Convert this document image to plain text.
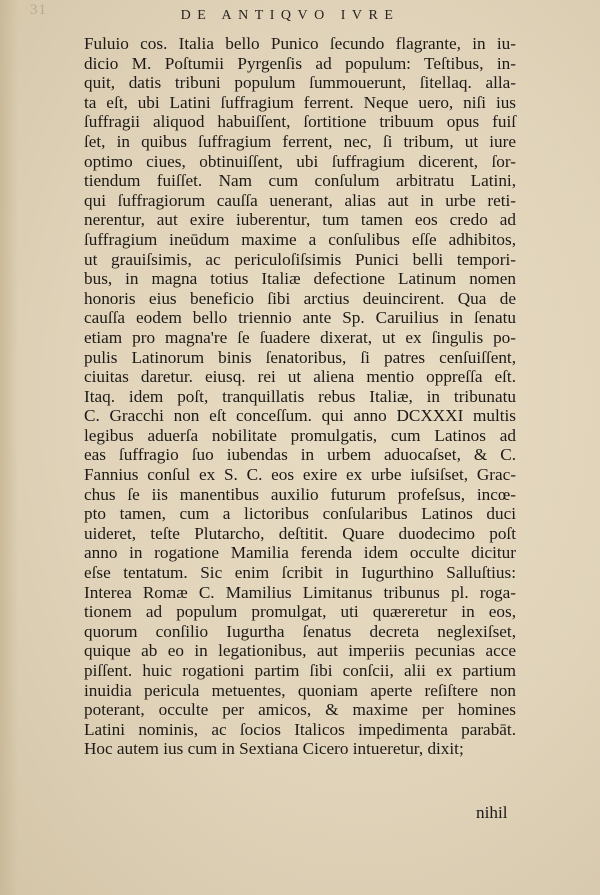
31	DE ANTIQVO IVRE
Fuluio cos. Italia bello Punico ſecundo flagrante, in iu-
dicio M. Poſtumii Pyrgenſis ad populum: Teſtibus, in-
quit, datis tribuni populum ſummouerunt, ſitellaq. alla-
ta eſt, ubi Latini ſuffragium ferrent. Neque uero, niſi ius
ſuffragii aliquod habuiſſent, ſortitione tribuum opus fuiſ
ſet, in quibus ſuffragium ferrent, nec, ſi tribum, ut iure
optimo ciues, obtinuiſſent, ubi ſuffragium dicerent, ſor-
tiendum fuiſſet. Nam cum conſulum arbitratu Latini,
qui ſuffragiorum cauſſa uenerant, alias aut in urbe reti-
nerentur, aut exire iuberentur, tum tamen eos credo ad
ſuffragium ineūdum maxime a conſulibus eſſe adhibitos,
ut grauiſsimis, ac periculoſiſsimis Punici belli tempori-
bus, in magna totius Italiæ defectione Latinum nomen
honoris eius beneficio ſibi arctius deuincirent. Qua de
cauſſa eodem bello triennio ante Sp. Caruilius in ſenatu
etiam pro magna're ſe ſuadere dixerat, ut ex ſingulis po-
pulis Latinorum binis ſenatoribus, ſi patres cenſuiſſent,
ciuitas daretur. eiusq. rei ut aliena mentio oppreſſa eſt.
Itaq. idem poſt, tranquillatis rebus Italiæ, in tribunatu
C. Gracchi non eſt conceſſum. qui anno DCXXXI multis
legibus aduerſa nobilitate promulgatis, cum Latinos ad
eas ſuffragio ſuo iubendas in urbem aduocaſset, & C.
Fannius conſul ex S. C. eos exire ex urbe iuſsiſset, Grac-
chus ſe iis manentibus auxilio futurum profeſsus, incœ-
pto tamen, cum a lictoribus conſularibus Latinos duci
uideret, teſte Plutarcho, deſtitit. Quare duodecimo poſt
anno in rogatione Mamilia ferenda idem occulte dicitur
eſse tentatum. Sic enim ſcribit in Iugurthino Salluſtius:
Interea Romæ C. Mamilius Limitanus tribunus pl. roga-
tionem ad populum promulgat, uti quæreretur in eos,
quorum conſilio Iugurtha ſenatus decreta neglexiſset,
quique ab eo in legationibus, aut imperiis pecunias acce
piſſent. huic rogationi partim ſibi conſcii, alii ex partium
inuidia pericula metuentes, quoniam aperte reſiſtere non
poterant, occulte per amicos, & maxime per homines
Latini nominis, ac ſocios Italicos impedimenta parabāt.
Hoc autem ius cum in Sextiana Cicero intueretur, dixit;
nihil
